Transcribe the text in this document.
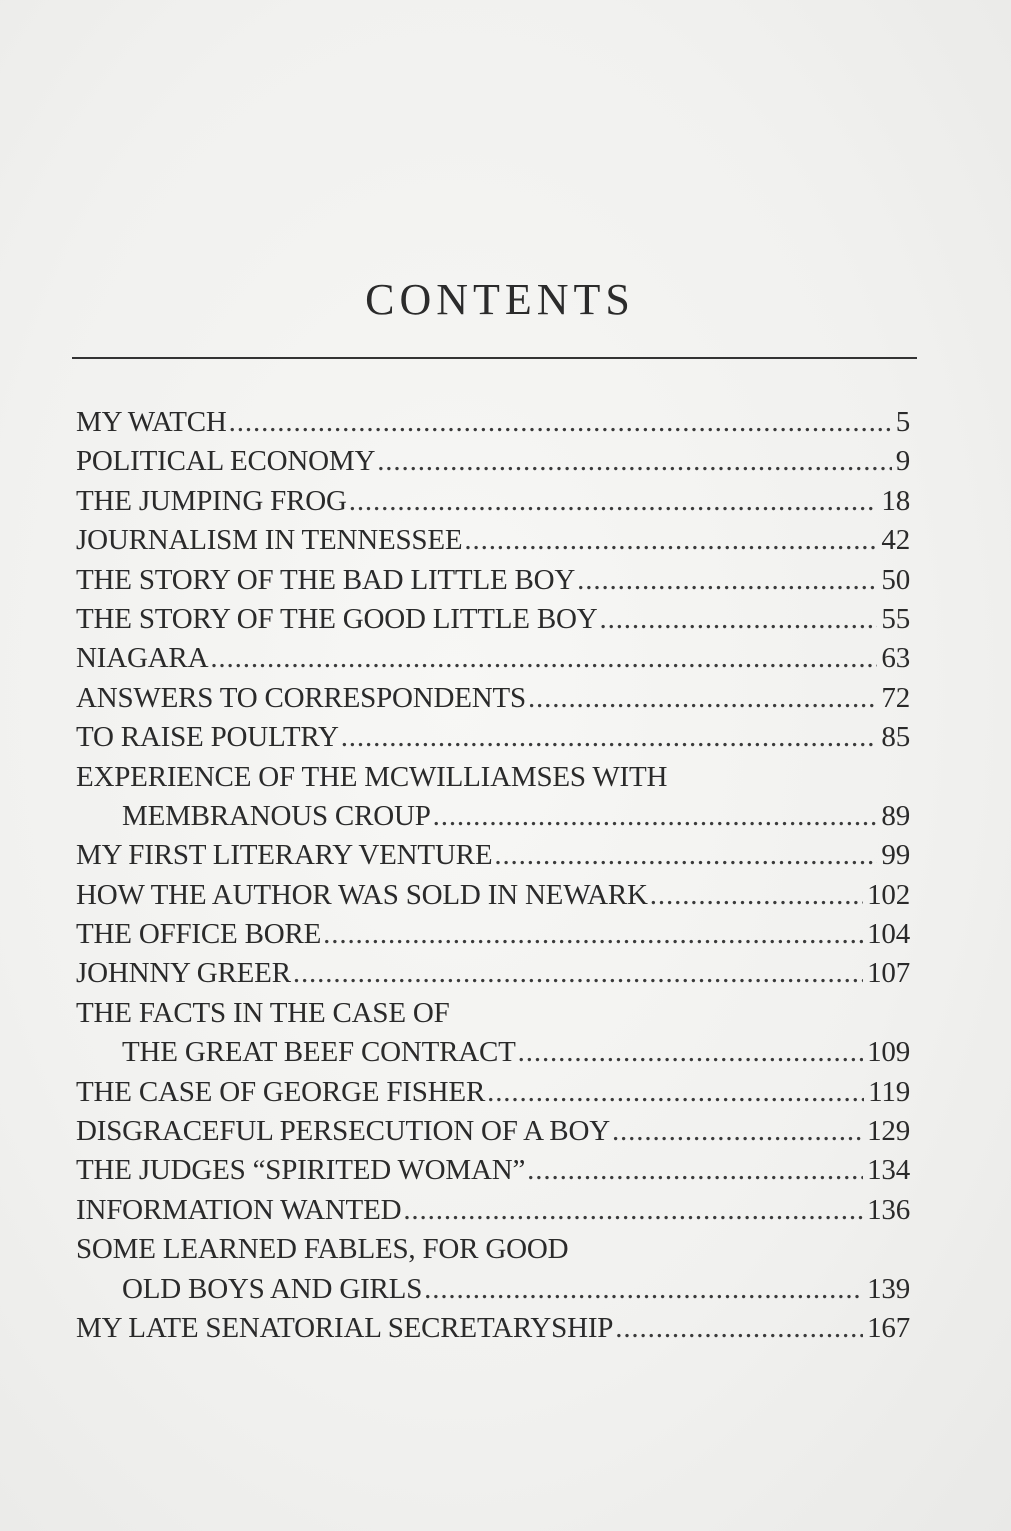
CONTENTS
MY WATCH . . .	5
POLITICAL ECONOMY . . .	9
THE JUMPING FROG . . .	18
JOURNALISM IN TENNESSEE . . .	42
THE STORY OF THE BAD LITTLE BOY . . .	50
THE STORY OF THE GOOD LITTLE BOY . . .	55
NIAGARA . . .	63
ANSWERS TO CORRESPONDENTS . . .	72
TO RAISE POULTRY . . .	85
EXPERIENCE OF THE MCWILLIAMSES WITH
MEMBRANOUS CROUP . . .	89
MY FIRST LITERARY VENTURE . . .	99
HOW THE AUTHOR WAS SOLD IN NEWARK . . .	102
THE OFFICE BORE . . .	104
JOHNNY GREER . . .	107
THE FACTS IN THE CASE OF
THE GREAT BEEF CONTRACT . . .	109
THE CASE OF GEORGE FISHER . . .	119
DISGRACEFUL PERSECUTION OF A BOY . . .	129
THE JUDGES “SPIRITED WOMAN” . . .	134
INFORMATION WANTED . . .	136
SOME LEARNED FABLES, FOR GOOD
OLD BOYS AND GIRLS . . .	139
MY LATE SENATORIAL SECRETARYSHIP . . .	167
